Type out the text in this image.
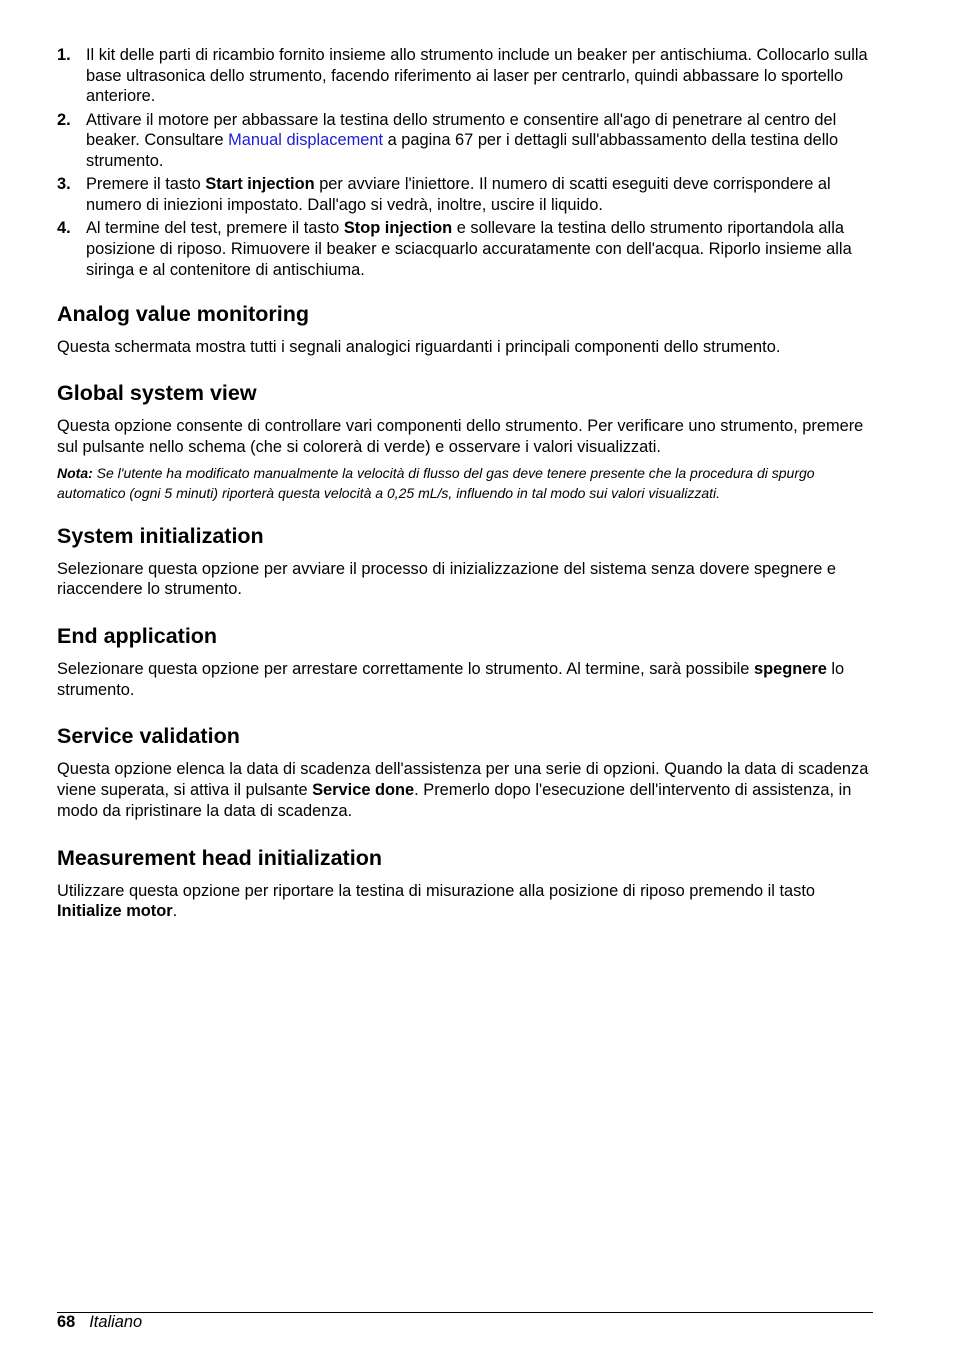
1. Il kit delle parti di ricambio fornito insieme allo strumento include un beaker per antischiuma. Collocarlo sulla base ultrasonica dello strumento, facendo riferimento ai laser per centrarlo, quindi abbassare lo sportello anteriore.
2. Attivare il motore per abbassare la testina dello strumento e consentire all'ago di penetrare al centro del beaker. Consultare Manual displacement a pagina 67 per i dettagli sull'abbassamento della testina dello strumento.
3. Premere il tasto Start injection per avviare l'iniettore. Il numero di scatti eseguiti deve corrispondere al numero di iniezioni impostato. Dall'ago si vedrà, inoltre, uscire il liquido.
4. Al termine del test, premere il tasto Stop injection e sollevare la testina dello strumento riportandola alla posizione di riposo. Rimuovere il beaker e sciacquarlo accuratamente con dell'acqua. Riporlo insieme alla siringa e al contenitore di antischiuma.
Analog value monitoring

Questa schermata mostra tutti i segnali analogici riguardanti i principali componenti dello strumento.

Global system view

Questa opzione consente di controllare vari componenti dello strumento. Per verificare uno strumento, premere sul pulsante nello schema (che si colorerà di verde) e osservare i valori visualizzati.

Nota: Se l'utente ha modificato manualmente la velocità di flusso del gas deve tenere presente che la procedura di spurgo automatico (ogni 5 minuti) riporterà questa velocità a 0,25 mL/s, influendo in tal modo sui valori visualizzati.

System initialization

Selezionare questa opzione per avviare il processo di inizializzazione del sistema senza dovere spegnere e riaccendere lo strumento.

End application

Selezionare questa opzione per arrestare correttamente lo strumento. Al termine, sarà possibile spegnere lo strumento.

Service validation

Questa opzione elenca la data di scadenza dell'assistenza per una serie di opzioni. Quando la data di scadenza viene superata, si attiva il pulsante Service done. Premerlo dopo l'esecuzione dell'intervento di assistenza, in modo da ripristinare la data di scadenza.

Measurement head initialization

Utilizzare questa opzione per riportare la testina di misurazione alla posizione di riposo premendo il tasto Initialize motor.

68 Italiano
